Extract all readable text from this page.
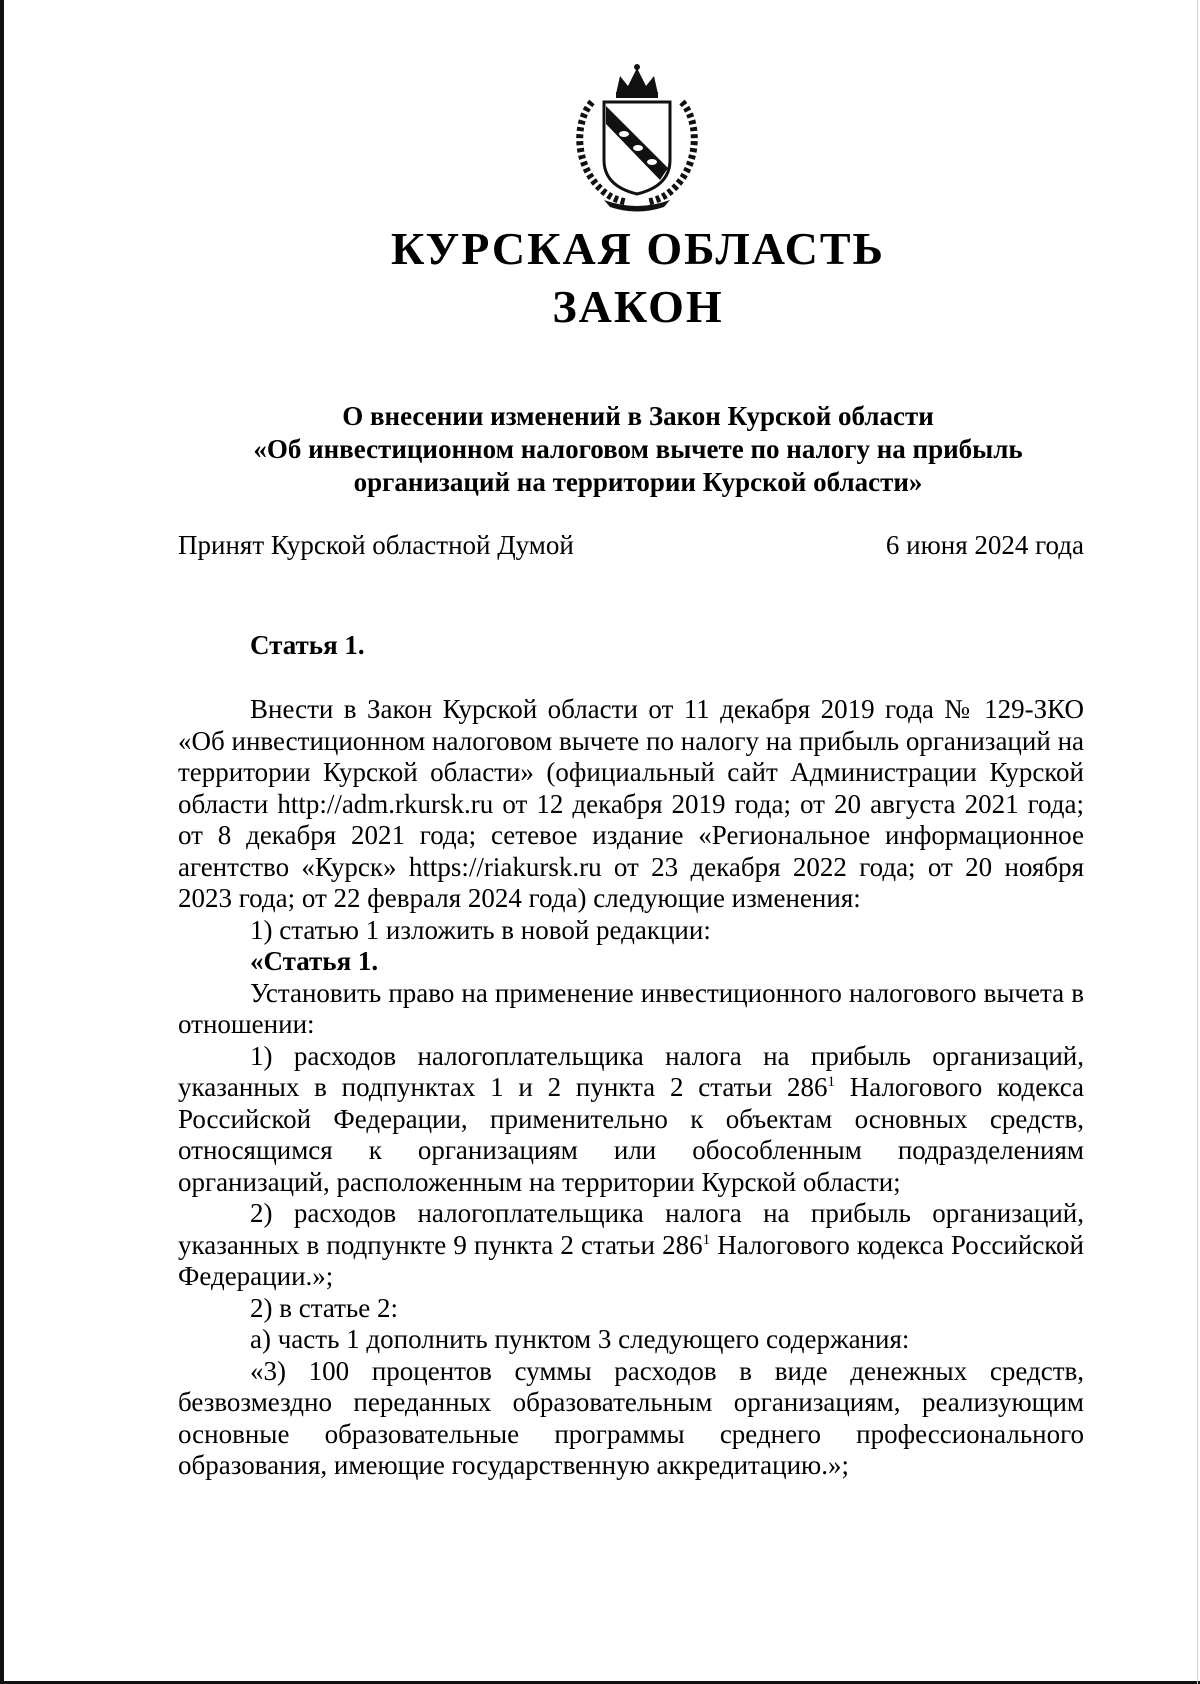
КУРСКАЯ ОБЛАСТЬ
ЗАКОН
О внесении изменений в Закон Курской области
«Об инвестиционном налоговом вычете по налогу на прибыль
организаций на территории Курской области»
Принят Курской областной Думой	6 июня 2024 года
Статья 1.

Внести в Закон Курской области от 11 декабря 2019 года № 129-ЗКО «Об инвестиционном налоговом вычете по налогу на прибыль организаций на территории Курской области» (официальный сайт Администрации Курской области http://adm.rkursk.ru от 12 декабря 2019 года; от 20 августа 2021 года; от 8 декабря 2021 года; сетевое издание «Региональное информационное агентство «Курск» https://riakursk.ru от 23 декабря 2022 года; от 20 ноября 2023 года; от 22 февраля 2024 года) следующие изменения:

1) статью 1 изложить в новой редакции:

«Статья 1.

Установить право на применение инвестиционного налогового вычета в отношении:

1) расходов налогоплательщика налога на прибыль организаций, указанных в подпунктах 1 и 2 пункта 2 статьи $286^1$ Налогового кодекса Российской Федерации, применительно к объектам основных средств, относящимся к организациям или обособленным подразделениям организаций, расположенным на территории Курской области;

2) расходов налогоплательщика налога на прибыль организаций, указанных в подпункте 9 пункта 2 статьи $286^1$ Налогового кодекса Российской Федерации.»;

2) в статье 2:

а) часть 1 дополнить пунктом 3 следующего содержания:

«3) 100 процентов суммы расходов в виде денежных средств, безвозмездно переданных образовательным организациям, реализующим основные образовательные программы среднего профессионального образования, имеющие государственную аккредитацию.»;
